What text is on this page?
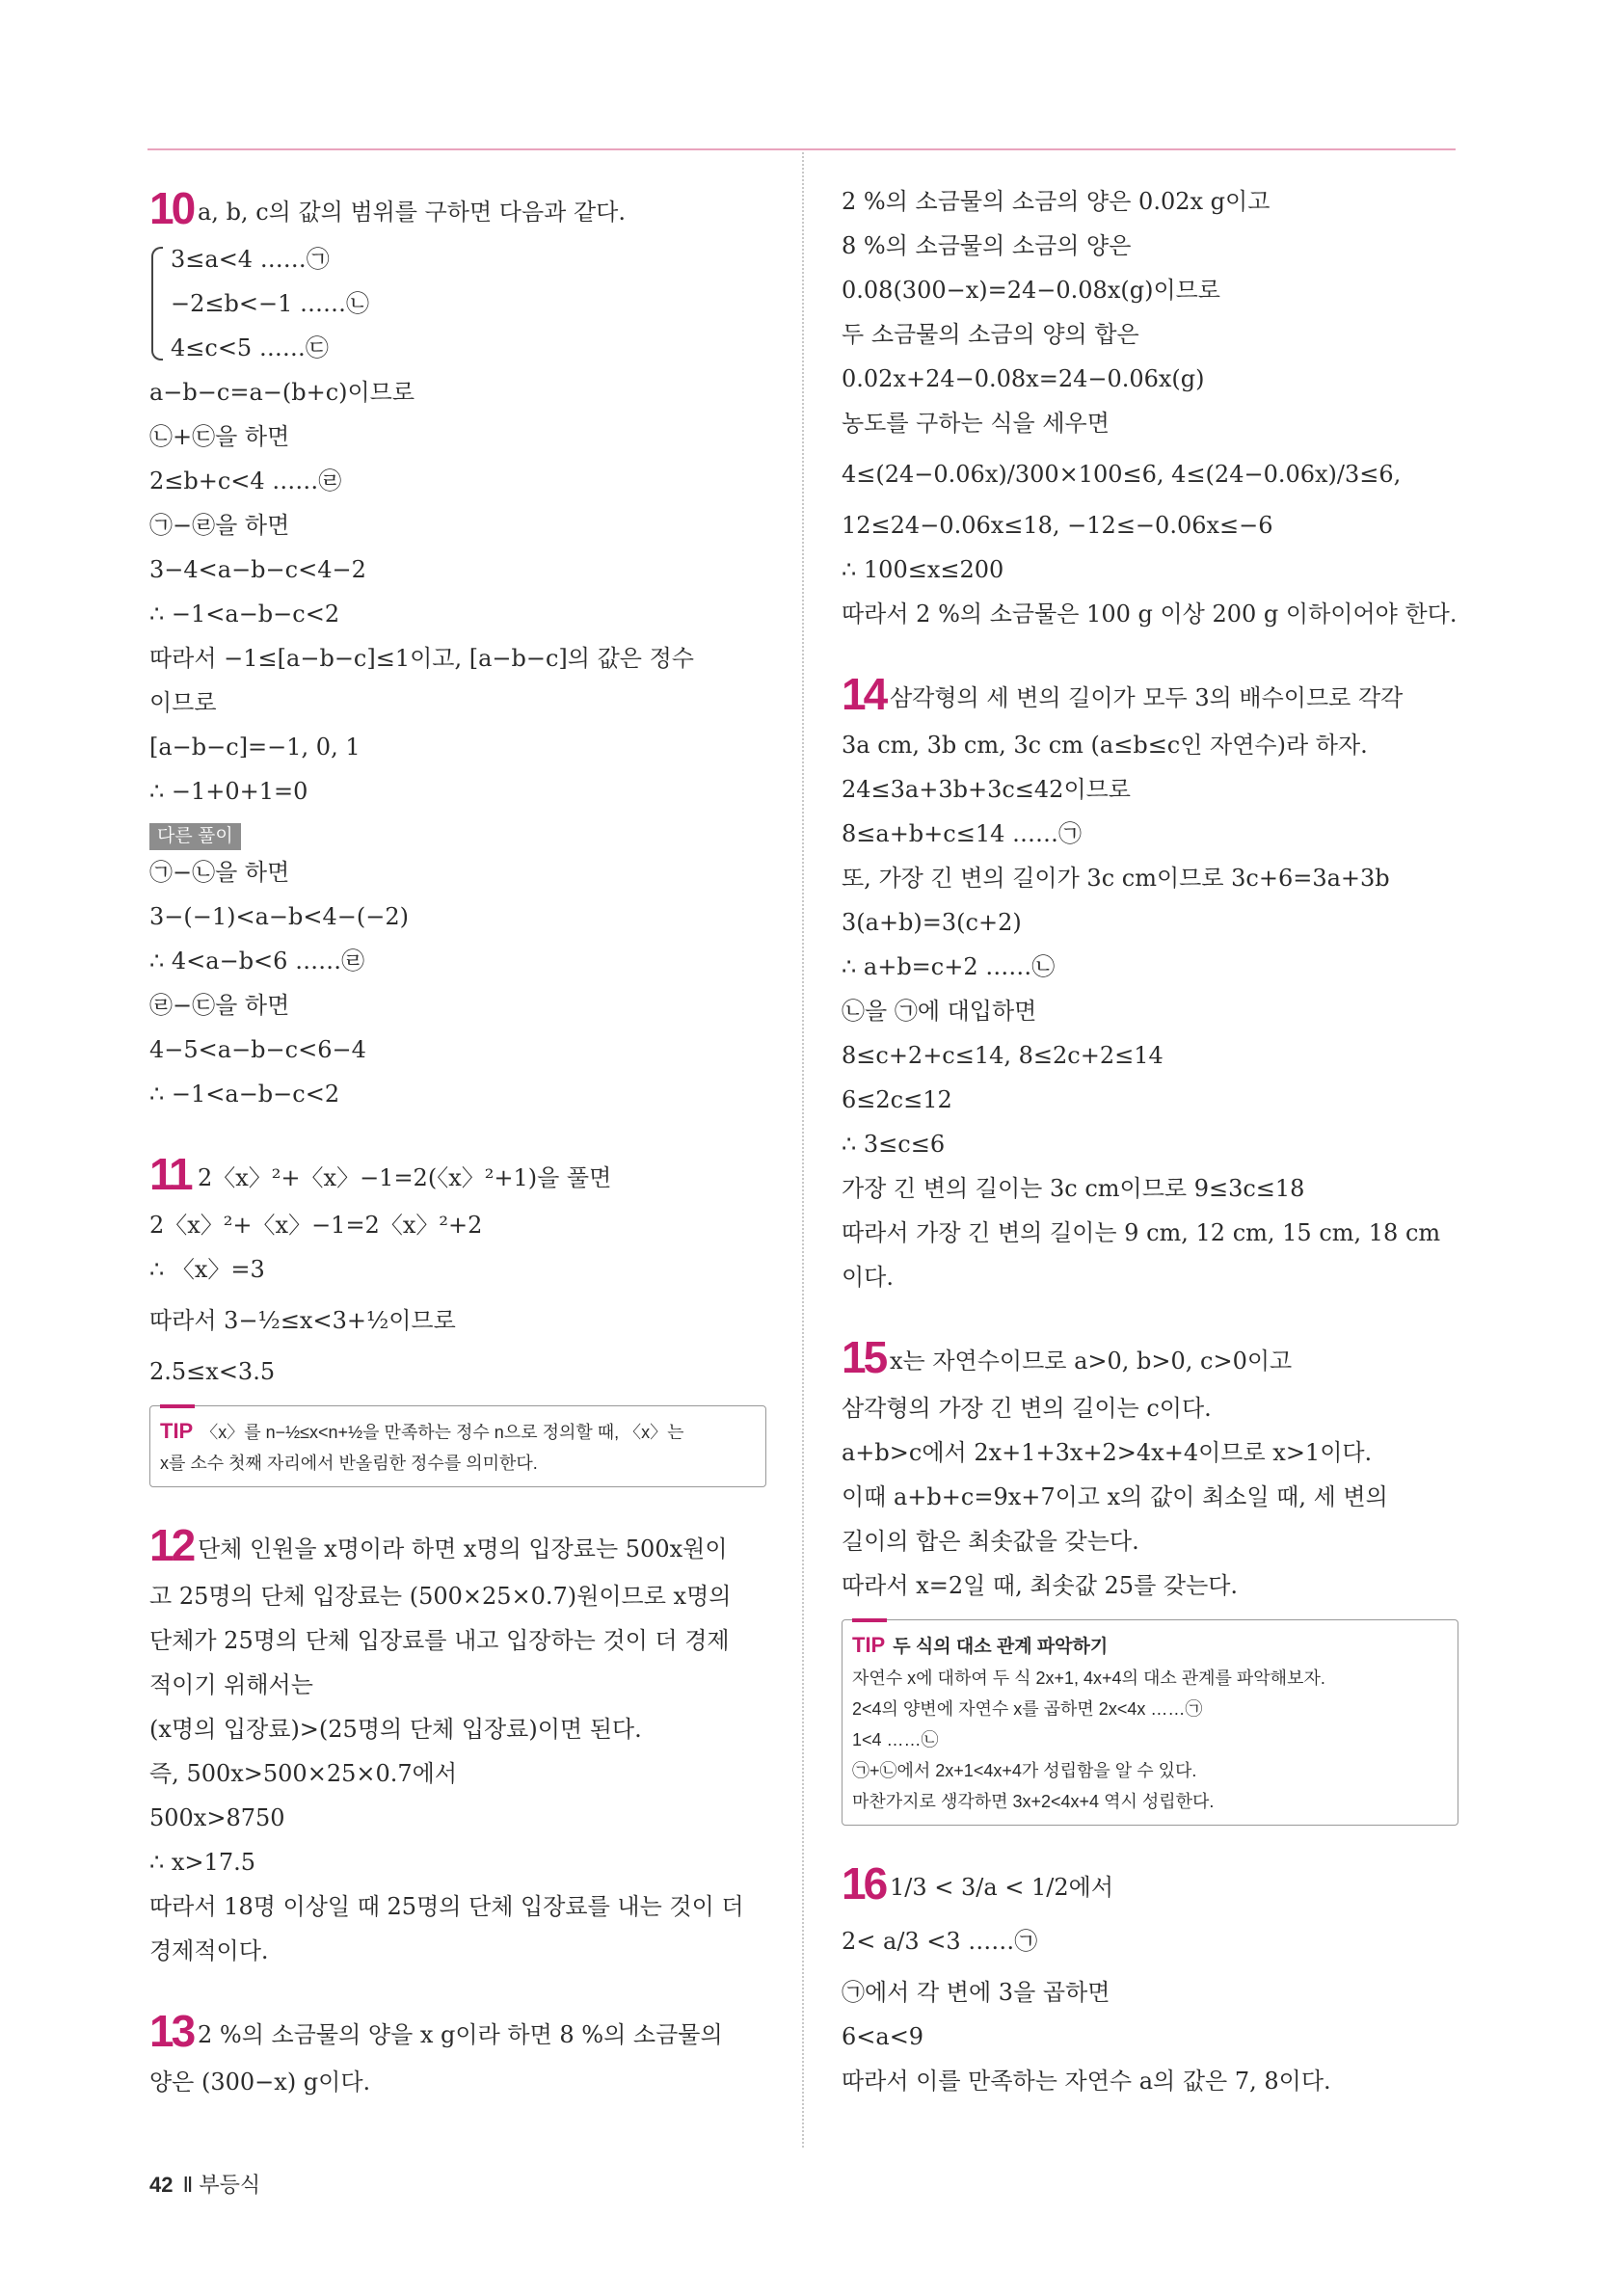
10 a, b, c의 값의 범위를 구하면 다음과 같다.
3≤a<4 ……㉠
−2≤b<−1 ……㉡
4≤c<5 ……㉢
a−b−c=a−(b+c)이므로
㉡+㉢을 하면
2≤b+c<4 ……㉣
㉠−㉣을 하면
3−4<a−b−c<4−2
∴ −1<a−b−c<2
따라서 −1≤[a−b−c]≤1이고, [a−b−c]의 값은 정수
이므로
[a−b−c]=−1, 0, 1
∴ −1+0+1=0
다른 풀이
㉠−㉡을 하면
3−(−1)<a−b<4−(−2)
∴ 4<a−b<6 ……㉣
㉣−㉢을 하면
4−5<a−b−c<6−4
∴ −1<a−b−c<2
11 2〈x〉²+〈x〉−1=2(〈x〉²+1)을 풀면
2〈x〉²+〈x〉−1=2〈x〉²+2
∴ 〈x〉=3
따라서 3−½≤x<3+½이므로
2.5≤x<3.5
TIP 〈x〉를 n−½≤x<n+½을 만족하는 정수 n으로 정의할 때, 〈x〉는
x를 소수 첫째 자리에서 반올림한 정수를 의미한다.
12 단체 인원을 x명이라 하면 x명의 입장료는 500x원이
고 25명의 단체 입장료는 (500×25×0.7)원이므로 x명의
단체가 25명의 단체 입장료를 내고 입장하는 것이 더 경제
적이기 위해서는
(x명의 입장료)>(25명의 단체 입장료)이면 된다.
즉, 500x>500×25×0.7에서
500x>8750
∴ x>17.5
따라서 18명 이상일 때 25명의 단체 입장료를 내는 것이 더
경제적이다.
13 2 %의 소금물의 양을 x g이라 하면 8 %의 소금물의
양은 (300−x) g이다.
2 %의 소금물의 소금의 양은 0.02x g이고
8 %의 소금물의 소금의 양은
0.08(300−x)=24−0.08x(g)이므로
두 소금물의 소금의 양의 합은
0.02x+24−0.08x=24−0.06x(g)
농도를 구하는 식을 세우면
4≤(24−0.06x)/300×100≤6, 4≤(24−0.06x)/3≤6,
12≤24−0.06x≤18, −12≤−0.06x≤−6
∴ 100≤x≤200
따라서 2 %의 소금물은 100 g 이상 200 g 이하이어야 한다.
14 삼각형의 세 변의 길이가 모두 3의 배수이므로 각각
3a cm, 3b cm, 3c cm (a≤b≤c인 자연수)라 하자.
24≤3a+3b+3c≤42이므로
8≤a+b+c≤14 ……㉠
또, 가장 긴 변의 길이가 3c cm이므로 3c+6=3a+3b
3(a+b)=3(c+2)
∴ a+b=c+2 ……㉡
㉡을 ㉠에 대입하면
8≤c+2+c≤14, 8≤2c+2≤14
6≤2c≤12
∴ 3≤c≤6
가장 긴 변의 길이는 3c cm이므로 9≤3c≤18
따라서 가장 긴 변의 길이는 9 cm, 12 cm, 15 cm, 18 cm
이다.
15 x는 자연수이므로 a>0, b>0, c>0이고
삼각형의 가장 긴 변의 길이는 c이다.
a+b>c에서 2x+1+3x+2>4x+4이므로 x>1이다.
이때 a+b+c=9x+7이고 x의 값이 최소일 때, 세 변의
길이의 합은 최솟값을 갖는다.
따라서 x=2일 때, 최솟값 25를 갖는다.
TIP 두 식의 대소 관계 파악하기
자연수 x에 대하여 두 식 2x+1, 4x+4의 대소 관계를 파악해보자.
2<4의 양변에 자연수 x를 곱하면 2x<4x ……㉠
1<4 ……㉡
㉠+㉡에서 2x+1<4x+4가 성립함을 알 수 있다.
마찬가지로 생각하면 3x+2<4x+4 역시 성립한다.
16 1/3 < 3/a < 1/2에서
2< a/3 <3 ……㉠
㉠에서 각 변에 3을 곱하면
6<a<9
따라서 이를 만족하는 자연수 a의 값은 7, 8이다.
42 Ⅱ 부등식
